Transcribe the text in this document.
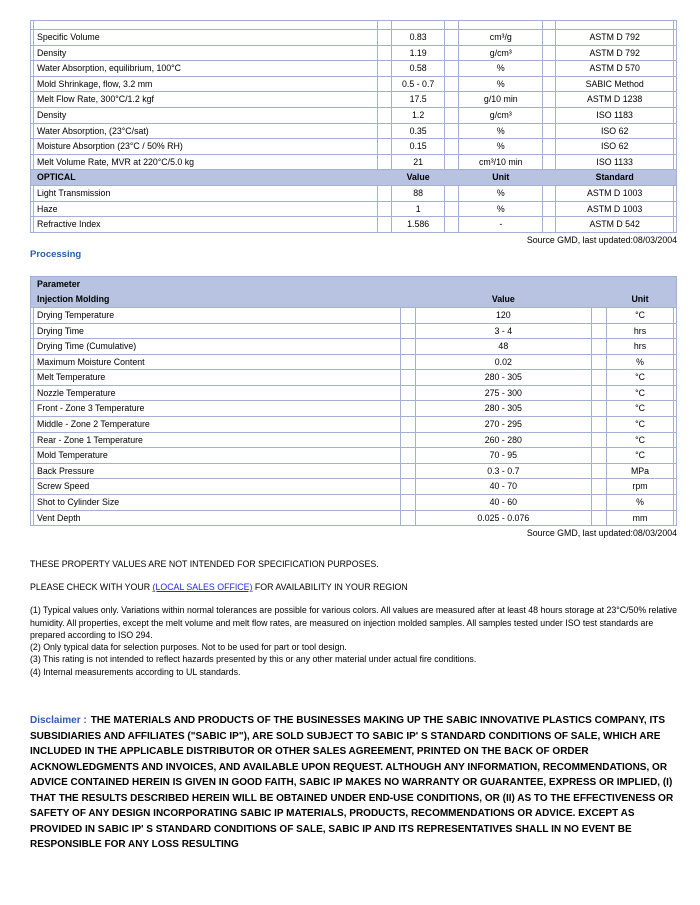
Specific Volume	0.83	cm³/g	ASTM D 792
Density	1.19	g/cm³	ASTM D 792
Water Absorption, equilibrium, 100°C	0.58	%	ASTM D 570
Mold Shrinkage, flow, 3.2 mm	0.5 - 0.7	%	SABIC Method
Melt Flow Rate, 300°C/1.2 kgf	17.5	g/10 min	ASTM D 1238
Density	1.2	g/cm³	ISO 1183
Water Absorption, (23°C/sat)	0.35	%	ISO 62
Moisture Absorption (23°C / 50% RH)	0.15	%	ISO 62
Melt Volume Rate, MVR at 220°C/5.0 kg	21	cm³/10 min	ISO 1133
OPTICAL	Value	Unit	Standard
Light Transmission	88	%	ASTM D 1003
Haze	1	%	ASTM D 1003
Refractive Index	1.586	-	ASTM D 542
Source GMD, last updated:08/03/2004
Processing
Parameter
Injection Molding	Value	Unit
Drying Temperature	120	°C
Drying Time	3 - 4	hrs
Drying Time (Cumulative)	48	hrs
Maximum Moisture Content	0.02	%
Melt Temperature	280 - 305	°C
Nozzle Temperature	275 - 300	°C
Front - Zone 3 Temperature	280 - 305	°C
Middle - Zone 2 Temperature	270 - 295	°C
Rear - Zone 1 Temperature	260 - 280	°C
Mold Temperature	70 - 95	°C
Back Pressure	0.3 - 0.7	MPa
Screw Speed	40 - 70	rpm
Shot to Cylinder Size	40 - 60	%
Vent Depth	0.025 - 0.076	mm
Source GMD, last updated:08/03/2004

THESE PROPERTY VALUES ARE NOT INTENDED FOR SPECIFICATION PURPOSES.

PLEASE CHECK WITH YOUR (LOCAL SALES OFFICE) FOR AVAILABILITY IN YOUR REGION

(1) Typical values only. Variations within normal tolerances are possible for various colors. All values are measured after at least 48 hours storage at 23°C/50% relative humidity. All properties, except the melt volume and melt flow rates, are measured on injection molded samples. All samples tested under ISO test standards are prepared according to ISO 294.

(2) Only typical data for selection purposes. Not to be used for part or tool design.

(3) This rating is not intended to reflect hazards presented by this or any other material under actual fire conditions.

(4) Internal measurements according to UL standards.

Disclaimer : THE MATERIALS AND PRODUCTS OF THE BUSINESSES MAKING UP THE SABIC INNOVATIVE PLASTICS COMPANY, ITS SUBSIDIARIES AND AFFILIATES ("SABIC IP"), ARE SOLD SUBJECT TO SABIC IP' S STANDARD CONDITIONS OF SALE, WHICH ARE INCLUDED IN THE APPLICABLE DISTRIBUTOR OR OTHER SALES AGREEMENT, PRINTED ON THE BACK OF ORDER ACKNOWLEDGMENTS AND INVOICES, AND AVAILABLE UPON REQUEST. ALTHOUGH ANY INFORMATION, RECOMMENDATIONS, OR ADVICE CONTAINED HEREIN IS GIVEN IN GOOD FAITH, SABIC IP MAKES NO WARRANTY OR GUARANTEE, EXPRESS OR IMPLIED, (I) THAT THE RESULTS DESCRIBED HEREIN WILL BE OBTAINED UNDER END-USE CONDITIONS, OR (II) AS TO THE EFFECTIVENESS OR SAFETY OF ANY DESIGN INCORPORATING SABIC IP MATERIALS, PRODUCTS, RECOMMENDATIONS OR ADVICE. EXCEPT AS PROVIDED IN SABIC IP' S STANDARD CONDITIONS OF SALE, SABIC IP AND ITS REPRESENTATIVES SHALL IN NO EVENT BE RESPONSIBLE FOR ANY LOSS RESULTING
